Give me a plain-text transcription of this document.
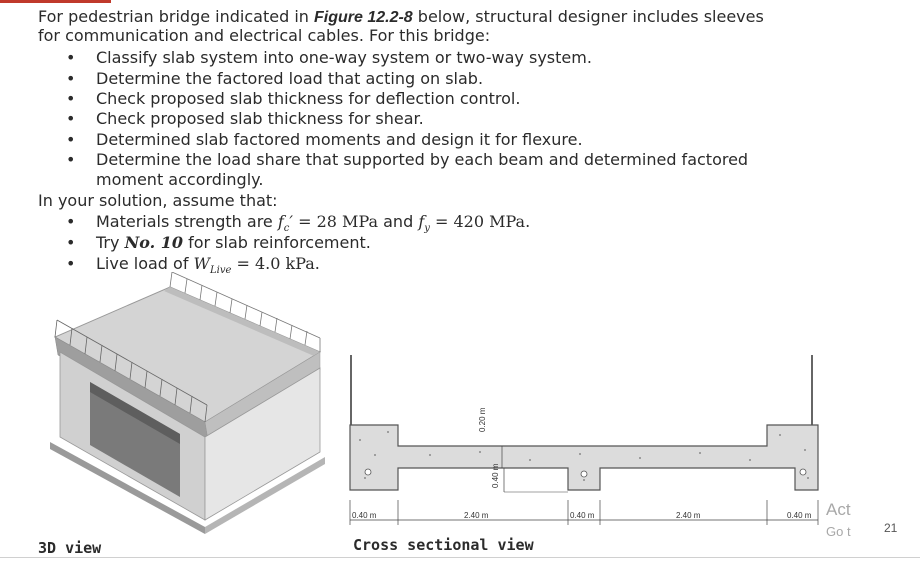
For pedestrian bridge indicated in Figure 12.2-8 below, structural designer includes sleeves
for communication and electrical cables. For this bridge:
• Classify slab system into one-way system or two-way system.
• Determine the factored load that acting on slab.
• Check proposed slab thickness for deflection control.
• Check proposed slab thickness for shear.
• Determined slab factored moments and design it for flexure.
• Determine the load share that supported by each beam and determined factored
moment accordingly.
In your solution, assume that:
• Materials strength are $f_c' = 28$ MPa and $f_y = 420$ MPa.
• Try No. 10 for slab reinforcement.
• Live load of $W_{Live} = 4.0$ kPa.
3D view
0.20 m
0.40 m
0.40 m	2.40 m	0.40 m	2.40 m	0.40 m
Cross sectional view
Act
Go t	21
